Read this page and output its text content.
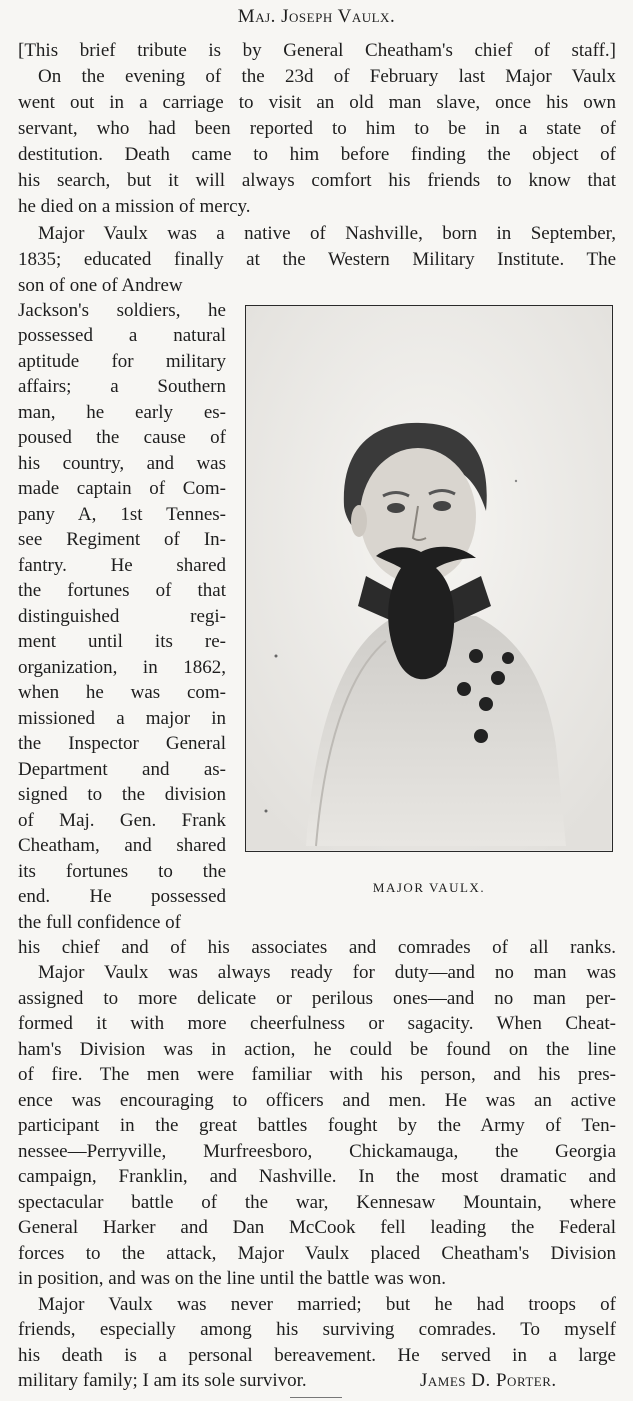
Maj. Joseph Vaulx.
[This brief tribute is by General Cheatham's chief of staff.]
On the evening of the 23d of February last Major Vaulx
went out in a carriage to visit an old man slave, once his own
servant, who had been reported to him to be in a state of
destitution. Death came to him before finding the object of
his search, but it will always comfort his friends to know that
he died on a mission of mercy.
Major Vaulx was a native of Nashville, born in September,
1835; educated finally at the Western Military Institute. The
son of one of Andrew
Jackson's soldiers, he
possessed a natural
aptitude for military
affairs; a Southern
man, he early es-
poused the cause of
his country, and was
made captain of Com-
pany A, 1st Tennes-
see Regiment of In-
fantry. He shared
the fortunes of that
distinguished regi-
ment until its re-
organization, in 1862,
when he was com-
missioned a major in
the Inspector General
Department and as-
signed to the division
of Maj. Gen. Frank
Cheatham, and shared
its fortunes to the
end. He possessed
the full confidence of
his chief and of his associates and comrades of all ranks.
Major Vaulx was always ready for duty—and no man was
assigned to more delicate or perilous ones—and no man per-
formed it with more cheerfulness or sagacity. When Cheat-
ham's Division was in action, he could be found on the line
of fire. The men were familiar with his person, and his pres-
ence was encouraging to officers and men. He was an active
participant in the great battles fought by the Army of Ten-
nessee—Perryville, Murfreesboro, Chickamauga, the Georgia
campaign, Franklin, and Nashville. In the most dramatic and
spectacular battle of the war, Kennesaw Mountain, where
General Harker and Dan McCook fell leading the Federal
forces to the attack, Major Vaulx placed Cheatham's Division
in position, and was on the line until the battle was won.
Major Vaulx was never married; but he had troops of
friends, especially among his surviving comrades. To myself
his death is a personal bereavement. He served in a large
military family; I am its sole survivor.	James D. Porter.
MAJOR VAULX.
